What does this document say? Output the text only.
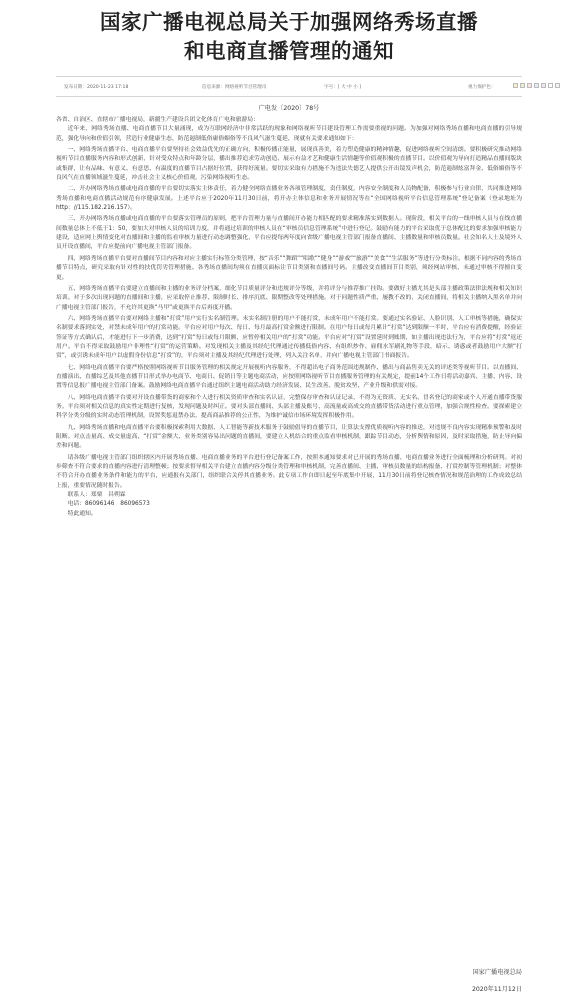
国家广播电视总局关于加强网络秀场直播
和电商直播管理的通知
发布日期：2020-11-23 17:18	信息来源：网络视听节目管理司	字号：[ 大 中 小 ]	视力保护色：
广电发〔2020〕78号

各省、自治区、直辖市广播电视局，新疆生产建设兵团文化体育广电和旅游局：

近年来，网络秀场直播、电商直播节目大量涌现，成为互联网经济中非常活跃的现象和网络视听节目建设管理工作需要重视的问题。为加强对网络秀场直播和电商直播的引导规范，强化导向和价值引领，营造行业健康生态，防范遏制低俗庸俗媚俗等不良风气滋生蔓延，现就有关要求通知如下：

一、网络秀场直播平台、电商直播平台要坚持社会效益优先的正确方向，积极传播正能量，展现真善美，着力塑造健康的精神情趣，促进网络视听空间清朗。要积极研究推动网络视听节目直播服务内容和形式创新，针对受众特点和年龄分层，播出推荐追求劳动创造、展示有益才艺和健康生活情趣等价值观积极的直播节目。以价值观为导向打造精品直播间版块或集群，让有品味、有意义、有意思、有温度的直播节目占据好位置，获得好流量。要切实采取有力措施不为违法失德艺人提供公开出镜发声机会，防范遏制炫富拜金、低俗媚俗等不良风气在直播领域滋生蔓延，冲击社会主义核心价值观，污染网络视听生态。

二、开办网络秀场直播或电商直播的平台要切实落实主体责任，着力健全网络直播业务各项管理制度，责任制度，内容安全制度和人员物配备，积极参与行业自律，共同推进网络秀场直播和电商直播活动规范有序健康发展。上述平台应于2020年11月30日前，将开办主体信息和业务开展情况等在“全国网络视听平台信息管理系统”登记备案（登录地址为http：//115.182.216.157）。

三、开办网络秀场直播或电商直播的平台要落实管理员的原则，把平台管理力量与直播间开办能力相匹配的要求精准落实到数据人。现阶段，相关平台的一线审核人员与在线直播间数量总体上不低于1：50，要加大对审核人员的培训力度，并将通过培训的审核人员在“审核员信息管理系统”中进行登记。鼓励有能力的平台采取优于总体配比的要求加强审核能力建设，适应网上舆情变化对直播间和主播的监看审核力量进行动态调整强化，平台应提每两年度向省级广播电视主管部门报备直播间、主播数量和审核员数量。社会知名人士及境外人员开设直播间，平台应提前向广播电视主管部门报备。

四、网络秀场直播平台要对直播间节目内容和对应主播实行标签分类管理，按“音乐”“舞蹈”“唱歌”“健身”“游戏”“旅游”“美食”“生活服务”等进行分类标注。根据不同内容的秀场直播节目特点，研究采取有针对性的扶优罚劣管理措施。各秀场直播间均须在直播页面标注节目类别和直播间号码。主播改变直播间节目类别，须经网站审核，未通过审核不得擅自变更。

五、网络秀场直播平台要建立直播间和主播的业务评分档案，细化节目质量评分和违规评分等级，并将评分与推荐推广挂钩。要做好主播尤其是头部主播政策法律法规和相关知识培训。对于多次出现问题的直播间和主播，应采取停止推荐、限制时长、排序沉底、限期整改等处理措施。对于问题性质严重、屡教不改的，关闭直播间，将相关主播纳入黑名单并向广播电视主管部门报告，不允许其更换“马甲”或更换平台后再度开播。

六、网络秀场直播平台要对网络主播和“打赏”用户实行实名制管理。未实名制注册的用户不能打赏，未成年用户不能打赏。要通过实名验证、人脸识别、人工审核等措施，确保实名制要求落到实处，对禁未成年用户的打赏功能。平台应对用户每次、每日、每月最高打赏金额进行限制。在用户每日或每月累计“打赏”达到限额一半时，平台应有消费提醒，经验证签证等方式确认后，才能进行下一步消费，达到“打赏”每日或每月限额，应暂停相关用户的“打赏”功能。平台应对“打赏”设置延时到账期，如主播出现违法行为，平台应将“打赏”返还用户。平台不得采取鼓励用户非理性“打赏”的运营策略。对发现相关主播及其经纪代理通过传播低俗内容、有组织炒作、雇佣水军刷礼物等手段，暗示、诱惑或者鼓励用户大额“打赏”，或引诱未成年用户以虚假身份信息“打赏”的，平台须对主播及其经纪代理进行处理，列入关注名单，并向广播电视主管部门书面报告。

七、网络电商直播平台要严格按照网络视听节目服务管理的相关规定开展视听内容服务，不得超出电子商务范围违规制作、播出与商品售卖无关的评述类等视听节目。以直播间、直播演出、直播综艺及其他直播节目形式举办电商节、电商日、促销日等主题电商活动，应按照网络视听节目直播服务管理的有关规定，提前14个工作日将活动嘉宾、主播、内容、设置等信息报广播电视主管部门备案。鼓励网络电商直播平台通过组织主题电商活动助力经济发展、民生改善、脱贫攻坚、产业升级和供需对接。

八、网络电商直播平台要对开设直播带货的商家和个人进行相关资质审查和实名认证，完整保存审查和认证记录，不得为无资质、无实名、冒名登记的商家或个人开通直播带货服务。平台须对相关信息的真实性定期进行复核，发现问题及时纠正。要对头部直播间、头部主播及账号、高流量或高成交的直播带货活动进行重点管理，加强合规性检查。要探索建立科学分类分级的实时动态管理机制，设置奖惩退禁办法，提高商品推荐的公正性，为维护诚信市场环境发挥积极作用。

九、网络秀场直播和电商直播平台要积极探索利用大数据、人工智能等新技术服务于鼓励倡导的直播节目，让算法支撑优质视听内容的推送，对违规不良内容实现精准预警和及时阻断。对点击量高、成交量虚高、“打赏”金额大、业务类别容易出问题的直播间，要建立人机结合的重点监看审核机制，跟踪节目动态，分析舆情和原因，及时采取措施，防止导向偏差和问题。

请各级广播电视主管部门组织辖区内开展秀场直播、电商直播业务的平台进行登记备案工作，按照本通知要求对已开展的秀场直播、电商直播业务进行全面梳理和分析研判。对初步筛查不符合要求的直播内容进行清理整顿；按要求督导相关平台建立直播内容分级分类管理和审核机制，完善直播间、主播、审核员数量的结构报备、打赏控制等管理机制；对整体不符合开办直播业务条件和能力的平台，应通报有关部门，组织联合关停其直播业务。此专项工作自即日起至年底集中开展，11月30日前将登记核查情况和规范治理的工作成效总结上报，重要情况随时报告。

联系人：郑栗　昌朔霖

电话：86096146　86096573

特此通知。

国家广播电视总局
2020年11月12日
